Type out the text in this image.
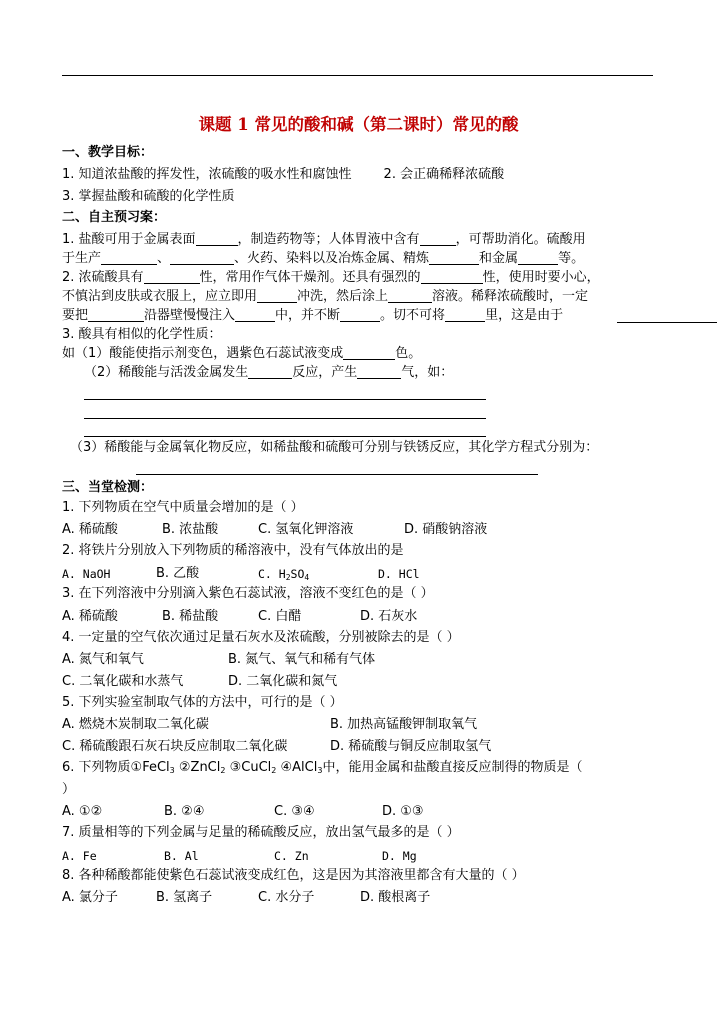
课题 1 常见的酸和碱（第二课时）常见的酸
一、教学目标：
1. 知道浓盐酸的挥发性，浓硫酸的吸水性和腐蚀性 2. 会正确稀释浓硫酸
3. 掌握盐酸和硫酸的化学性质
二、自主预习案：
1. 盐酸可用于金属表面	，制造药物等；人体胃液中含有	，可帮助消化。硫酸用
于生产	、	、火药、染料以及冶炼金属、精炼	和金属	等。
2. 浓硫酸具有	性，常用作气体干燥剂。还具有强烈的	性，使用时要小心，
不慎沾到皮肤或衣服上，应立即用	冲洗，然后涂上	溶液。稀释浓硫酸时，一定
要把	沿器壁慢慢注入	中，并不断	。切不可将	里，这是由于
3. 酸具有相似的化学性质：
如（1）酸能使指示剂变色，遇紫色石蕊试液变成	色。
（2）稀酸能与活泼金属发生	反应，产生	气，如：
（3）稀酸能与金属氧化物反应，如稀盐酸和硫酸可分别与铁锈反应，其化学方程式分别为：
三、当堂检测：
1. 下列物质在空气中质量会增加的是（ ）
A. 稀硫酸	B. 浓盐酸	C. 氢氧化钾溶液	D. 硝酸钠溶液
2. 将铁片分别放入下列物质的稀溶液中，没有气体放出的是
A. NaOH	B. 乙酸	C. $H_2SO_4$	D. HCl
3. 在下列溶液中分别滴入紫色石蕊试液，溶液不变红色的是（ ）
A. 稀硫酸	B. 稀盐酸	C. 白醋	D. 石灰水
4. 一定量的空气依次通过足量石灰水及浓硫酸，分别被除去的是（ ）
A. 氮气和氧气	B. 氮气、氧气和稀有气体
C. 二氧化碳和水蒸气	D. 二氧化碳和氮气
5. 下列实验室制取气体的方法中，可行的是（ ）
A. 燃烧木炭制取二氧化碳	B. 加热高锰酸钾制取氧气
C. 稀硫酸跟石灰石块反应制取二氧化碳	D. 稀硫酸与铜反应制取氢气
6. 下列物质①FeCl$_3$ ②ZnCl$_2$ ③CuCl$_2$ ④AlCl$_3$中，能用金属和盐酸直接反应制得的物质是（
）
A. ①②	B. ②④	C. ③④	D. ①③
7. 质量相等的下列金属与足量的稀硫酸反应，放出氢气最多的是（ ）
A. Fe	B. Al	C. Zn	D. Mg
8. 各种稀酸都能使紫色石蕊试液变成红色，这是因为其溶液里都含有大量的（ ）
A. 氯分子	B. 氢离子	C. 水分子	D. 酸根离子
